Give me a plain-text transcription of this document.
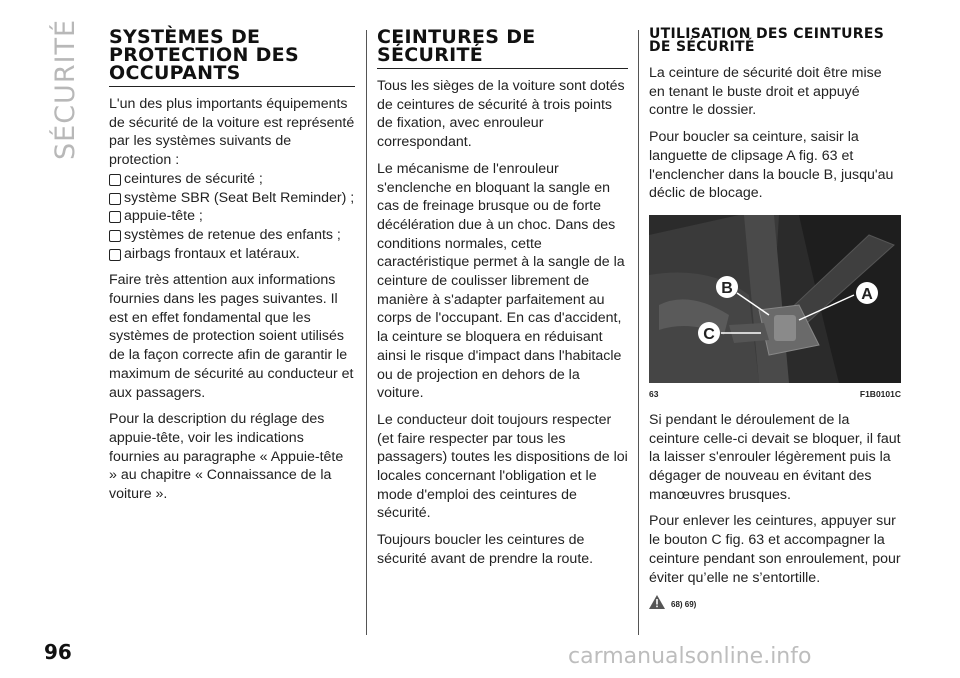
SÉCURITÉ	SYSTÈMES DE PROTECTION DES OCCUPANTS

L'un des plus importants équipements de sécurité de la voiture est représenté par les systèmes suivants de protection :

ceintures de sécurité ;
système SBR (Seat Belt Reminder) ;
appuie-tête ;
systèmes de retenue des enfants ;
airbags frontaux et latéraux.

Faire très attention aux informations fournies dans les pages suivantes. Il est en effet fondamental que les systèmes de protection soient utilisés de la façon correcte afin de garantir le maximum de sécurité au conducteur et aux passagers.

Pour la description du réglage des appuie-tête, voir les indications fournies au paragraphe « Appuie-tête » au chapitre « Connaissance de la voiture ».

CEINTURES DE SÉCURITÉ

Tous les sièges de la voiture sont dotés de ceintures de sécurité à trois points de fixation, avec enrouleur correspondant.

Le mécanisme de l'enrouleur s'enclenche en bloquant la sangle en cas de freinage brusque ou de forte décélération due à un choc. Dans des conditions normales, cette caractéristique permet à la sangle de la ceinture de coulisser librement de manière à s'adapter parfaitement au corps de l'occupant. En cas d'accident, la ceinture se bloquera en réduisant ainsi le risque d'impact dans l'habitacle ou de projection en dehors de la voiture.

Le conducteur doit toujours respecter (et faire respecter par tous les passagers) toutes les dispositions de loi locales concernant l'obligation et le mode d'emploi des ceintures de sécurité.

Toujours boucler les ceintures de sécurité avant de prendre la route.

UTILISATION DES CEINTURES DE SÉCURITÉ

La ceinture de sécurité doit être mise en tenant le buste droit et appuyé contre le dossier.

Pour boucler sa ceinture, saisir la languette de clipsage A fig. 63 et l'enclencher dans la boucle B, jusqu'au déclic de blocage.

A
B
C
63	F1B0101C

Si pendant le déroulement de la ceinture celle-ci devait se bloquer, il faut la laisser s'enrouler légèrement puis la dégager de nouveau en évitant des manœuvres brusques.

Pour enlever les ceintures, appuyer sur le bouton C fig. 63 et accompagner la ceinture pendant son enroulement, pour éviter qu’elle ne s’entortille.

68) 69)
96	carmanualsonline.info
